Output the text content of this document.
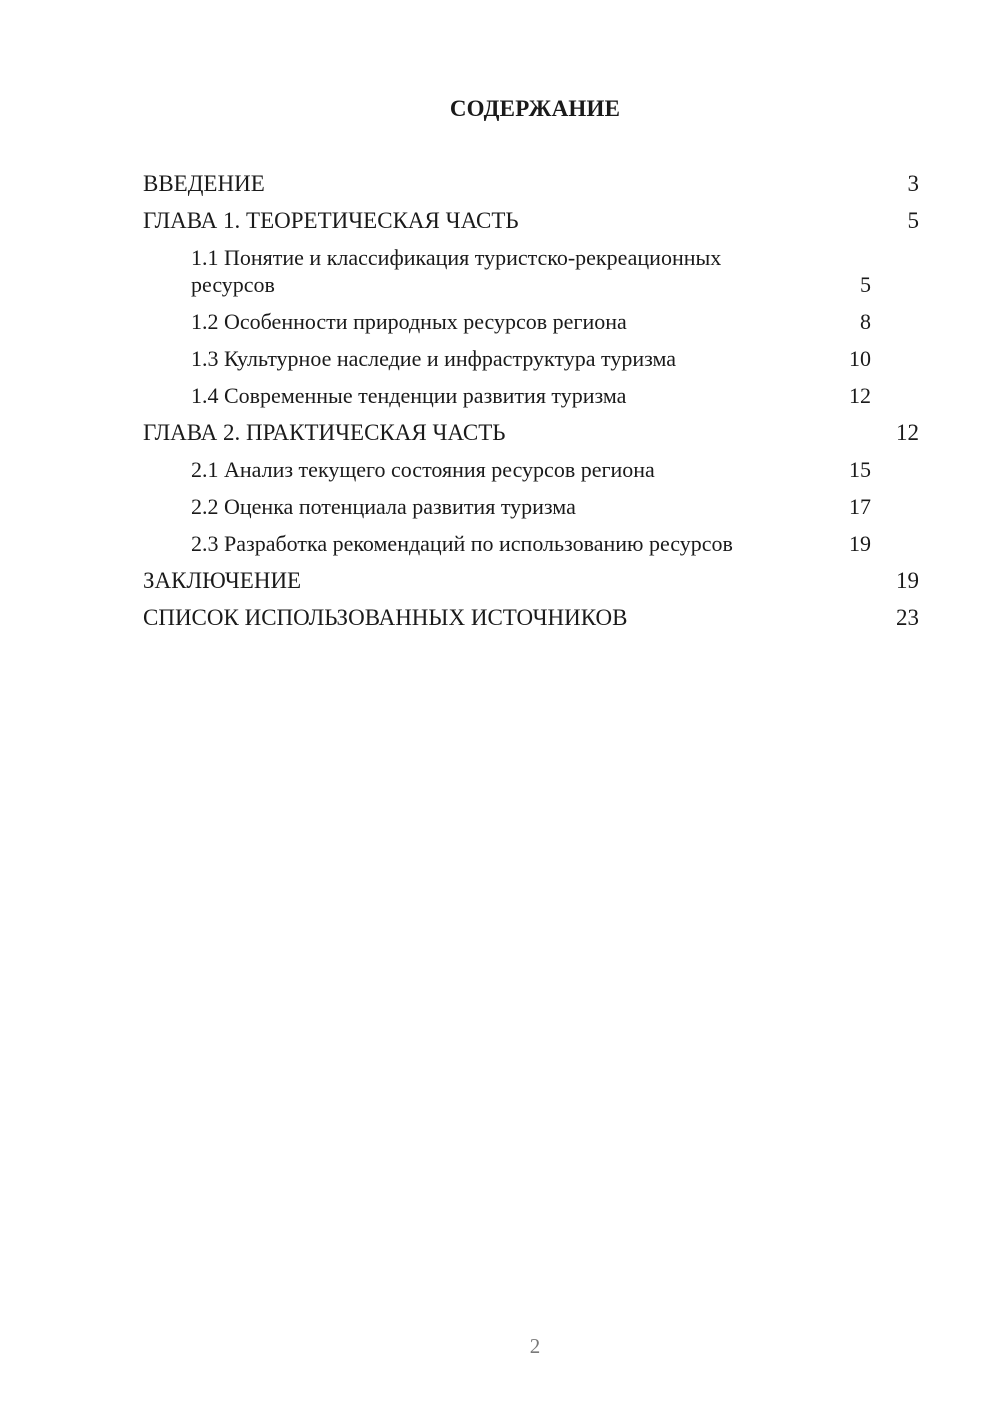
СОДЕРЖАНИЕ
ВВЕДЕНИЕ	3
ГЛАВА 1. ТЕОРЕТИЧЕСКАЯ ЧАСТЬ	5
1.1 Понятие и классификация туристско-рекреационных ресурсов	5
1.2 Особенности природных ресурсов региона	8
1.3 Культурное наследие и инфраструктура туризма	10
1.4 Современные тенденции развития туризма	12
ГЛАВА 2. ПРАКТИЧЕСКАЯ ЧАСТЬ	12
2.1 Анализ текущего состояния ресурсов региона	15
2.2 Оценка потенциала развития туризма	17
2.3 Разработка рекомендаций по использованию ресурсов	19
ЗАКЛЮЧЕНИЕ	19
СПИСОК ИСПОЛЬЗОВАННЫХ ИСТОЧНИКОВ	23
2
